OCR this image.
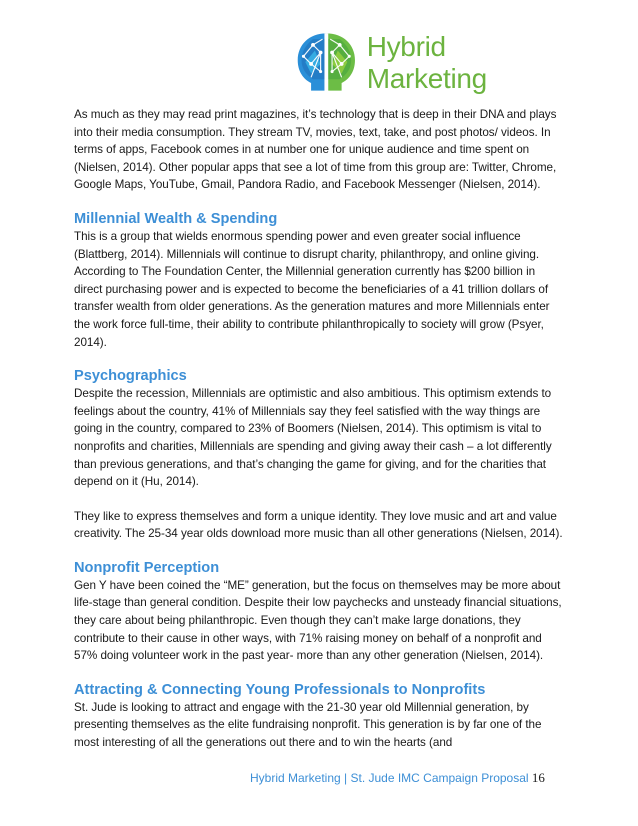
Hybrid Marketing

As much as they may read print magazines, it’s technology that is deep in their DNA and plays into their media consumption. They stream TV, movies, text, take, and post photos/ videos. In terms of apps, Facebook comes in at number one for unique audience and time spent on (Nielsen, 2014). Other popular apps that see a lot of time from this group are: Twitter, Chrome, Google Maps, YouTube, Gmail, Pandora Radio, and Facebook Messenger (Nielsen, 2014).

Millennial Wealth & Spending

This is a group that wields enormous spending power and even greater social influence (Blattberg, 2014). Millennials will continue to disrupt charity, philanthropy, and online giving. According to The Foundation Center, the Millennial generation currently has $200 billion in direct purchasing power and is expected to become the beneficiaries of a 41 trillion dollars of transfer wealth from older generations. As the generation matures and more Millennials enter the work force full-time, their ability to contribute philanthropically to society will grow (Psyer, 2014).

Psychographics

Despite the recession, Millennials are optimistic and also ambitious. This optimism extends to feelings about the country, 41% of Millennials say they feel satisfied with the way things are going in the country, compared to 23% of Boomers (Nielsen, 2014). This optimism is vital to nonprofits and charities, Millennials are spending and giving away their cash – a lot differently than previous generations, and that’s changing the game for giving, and for the charities that depend on it (Hu, 2014).

They like to express themselves and form a unique identity. They love music and art and value creativity. The 25-34 year olds download more music than all other generations (Nielsen, 2014).

Nonprofit Perception

Gen Y have been coined the “ME” generation, but the focus on themselves may be more about life-stage than general condition. Despite their low paychecks and unsteady financial situations, they care about being philanthropic. Even though they can’t make large donations, they contribute to their cause in other ways, with 71% raising money on behalf of a nonprofit and 57% doing volunteer work in the past year- more than any other generation (Nielsen, 2014).

Attracting & Connecting Young Professionals to Nonprofits

St. Jude is looking to attract and engage with the 21-30 year old Millennial generation, by presenting themselves as the elite fundraising nonprofit. This generation is by far one of the most interesting of all the generations out there and to win the hearts (and

Hybrid Marketing | St. Jude IMC Campaign Proposal 16
